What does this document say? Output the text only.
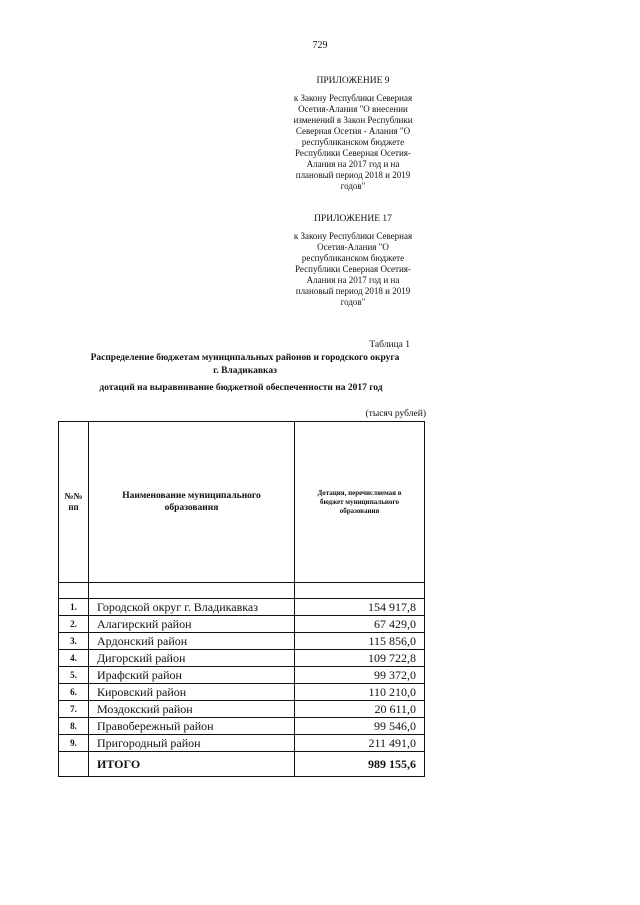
729
ПРИЛОЖЕНИЕ 9
к Закону Республики Северная
Осетия-Алания "О внесении
изменений в Закон Республики
Северная Осетия - Алания "О
республиканском бюджете
Республики Северная Осетия-
Алания на 2017 год и на
плановый период 2018 и 2019
годов"
ПРИЛОЖЕНИЕ 17
к Закону Республики Северная
Осетия-Алания "О
республиканском бюджете
Республики Северная Осетия-
Алания на 2017 год и на
плановый период 2018 и 2019
годов"
Таблица 1
Распределение бюджетам муниципальных районов и городского округа
г. Владикавказ
дотаций на выравнивание бюджетной обеспеченности на 2017 год
(тысяч рублей)
№№ пп	Наименование муниципального образования	Дотация, перечисляемая в бюджет муниципального образования

1.	Городской округ г. Владикавказ	154 917,8
2.	Алагирский район	67 429,0
3.	Ардонский район	115 856,0
4.	Дигорский район	109 722,8
5.	Ирафский район	99 372,0
6.	Кировский район	110 210,0
7.	Моздокский район	20 611,0
8.	Правобережный район	99 546,0
9.	Пригородный район	211 491,0
	ИТОГО	989 155,6
